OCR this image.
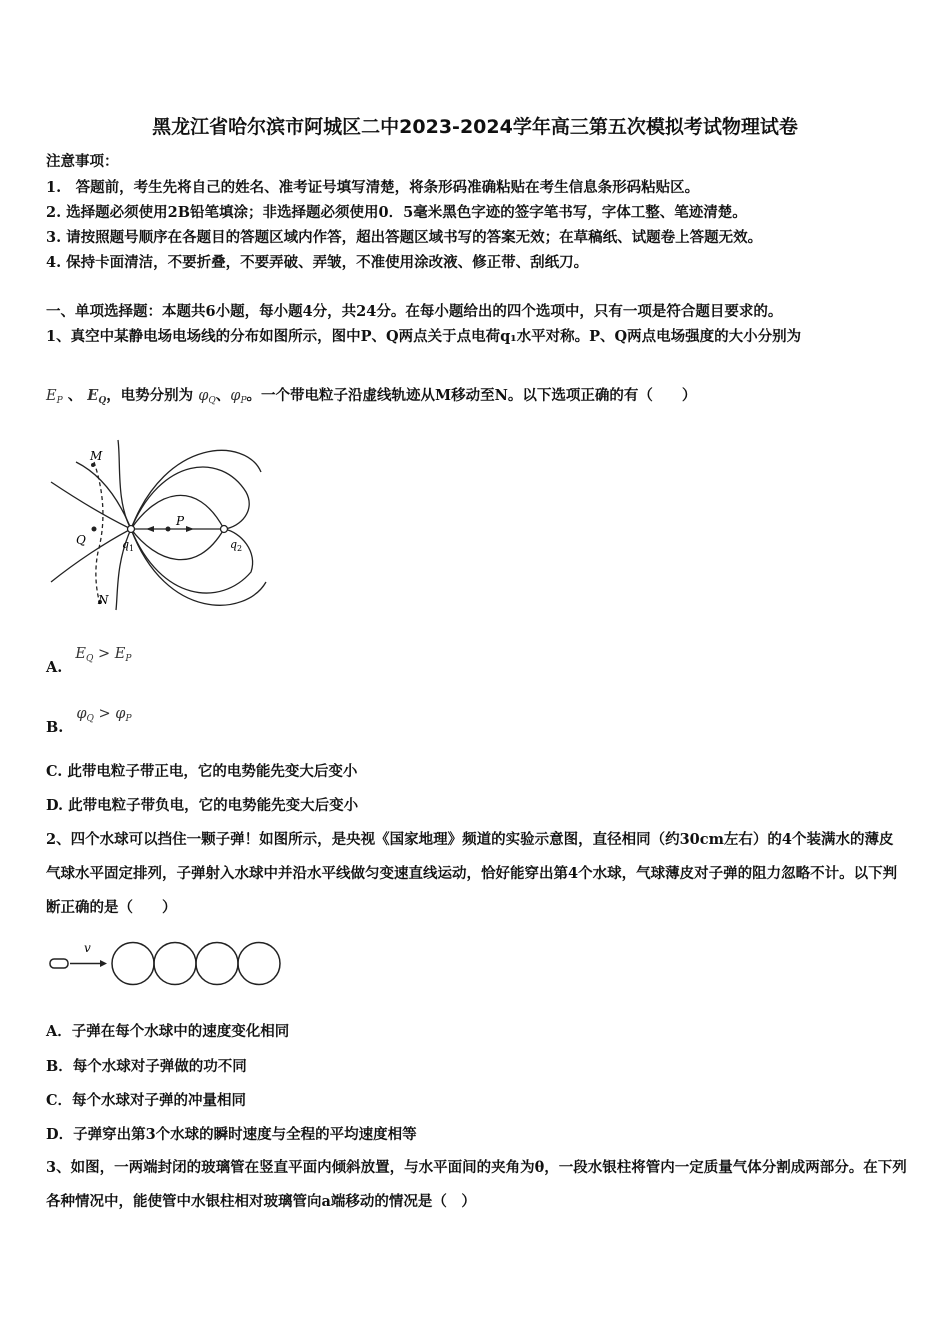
黑龙江省哈尔滨市阿城区二中2023-2024学年高三第五次模拟考试物理试卷
注意事项：
1.　答题前，考生先将自己的姓名、准考证号填写清楚，将条形码准确粘贴在考生信息条形码粘贴区。
2. 选择题必须使用2B铅笔填涂；非选择题必须使用0．5毫米黑色字迹的签字笔书写，字体工整、笔迹清楚。
3. 请按照题号顺序在各题目的答题区域内作答，超出答题区域书写的答案无效；在草稿纸、试题卷上答题无效。
4. 保持卡面清洁，不要折叠，不要弄破、弄皱，不准使用涂改液、修正带、刮纸刀。
一、单项选择题：本题共6小题，每小题4分，共24分。在每小题给出的四个选项中，只有一项是符合题目要求的。
1、真空中某静电场电场线的分布如图所示，图中P、Q两点关于点电荷q₁水平对称。P、Q两点电场强度的大小分别为
$E_P$ 、 $E_Q$，电势分别为 $\varphi_Q$、$\varphi_P$。一个带电粒子沿虚线轨迹从M移动至N。以下选项正确的有（　　）
M
P
Q	q 1	q 2
N
A. $E_Q > E_P$
B. $\varphi_Q > \varphi_P$
C. 此带电粒子带正电，它的电势能先变大后变小
D. 此带电粒子带负电，它的电势能先变大后变小
2、四个水球可以挡住一颗子弹！如图所示，是央视《国家地理》频道的实验示意图，直径相同（约30cm左右）的4个装满水的薄皮气球水平固定排列，子弹射入水球中并沿水平线做匀变速直线运动，恰好能穿出第4个水球，气球薄皮对子弹的阻力忽略不计。以下判断正确的是（　　）
v
A．子弹在每个水球中的速度变化相同
B．每个水球对子弹做的功不同
C．每个水球对子弹的冲量相同
D．子弹穿出第3个水球的瞬时速度与全程的平均速度相等
3、如图，一两端封闭的玻璃管在竖直平面内倾斜放置，与水平面间的夹角为θ，一段水银柱将管内一定质量气体分割成两部分。在下列各种情况中，能使管中水银柱相对玻璃管向a端移动的情况是（　）
